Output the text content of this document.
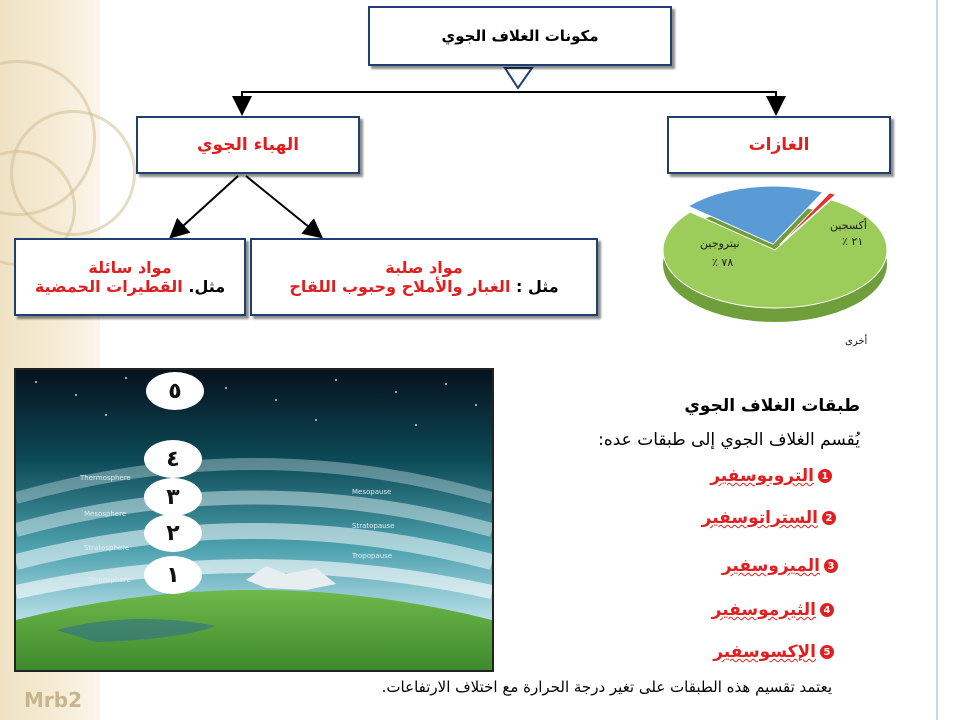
مكونات الغلاف الجوي
الغازات
الهباء الجوي
مواد سائلة
مثل. القطيرات الحمضية
مواد صلبة
مثل : الغبار والأملاح وحبوب اللقاح
نيتروجين
٧٨ ٪
أكسجين
٢١ ٪
أخرى
٥
٤
٣
٢
١
Thermosphere
Mesosphere
Stratosphere
Troposphere
Mesopause
Stratopause
Tropopause
طبقات الغلاف الجوي
يُقسم الغلاف الجوي إلى طبقات عده:
1
التروبوسفير
2
الستراتوسفير
3
الميزوسفير
4
الثيرموسفير
5
الإكسوسفير
يعتمد تقسيم هذه الطبقات على تغير درجة الحرارة مع اختلاف الارتفاعات.
Mrb2
